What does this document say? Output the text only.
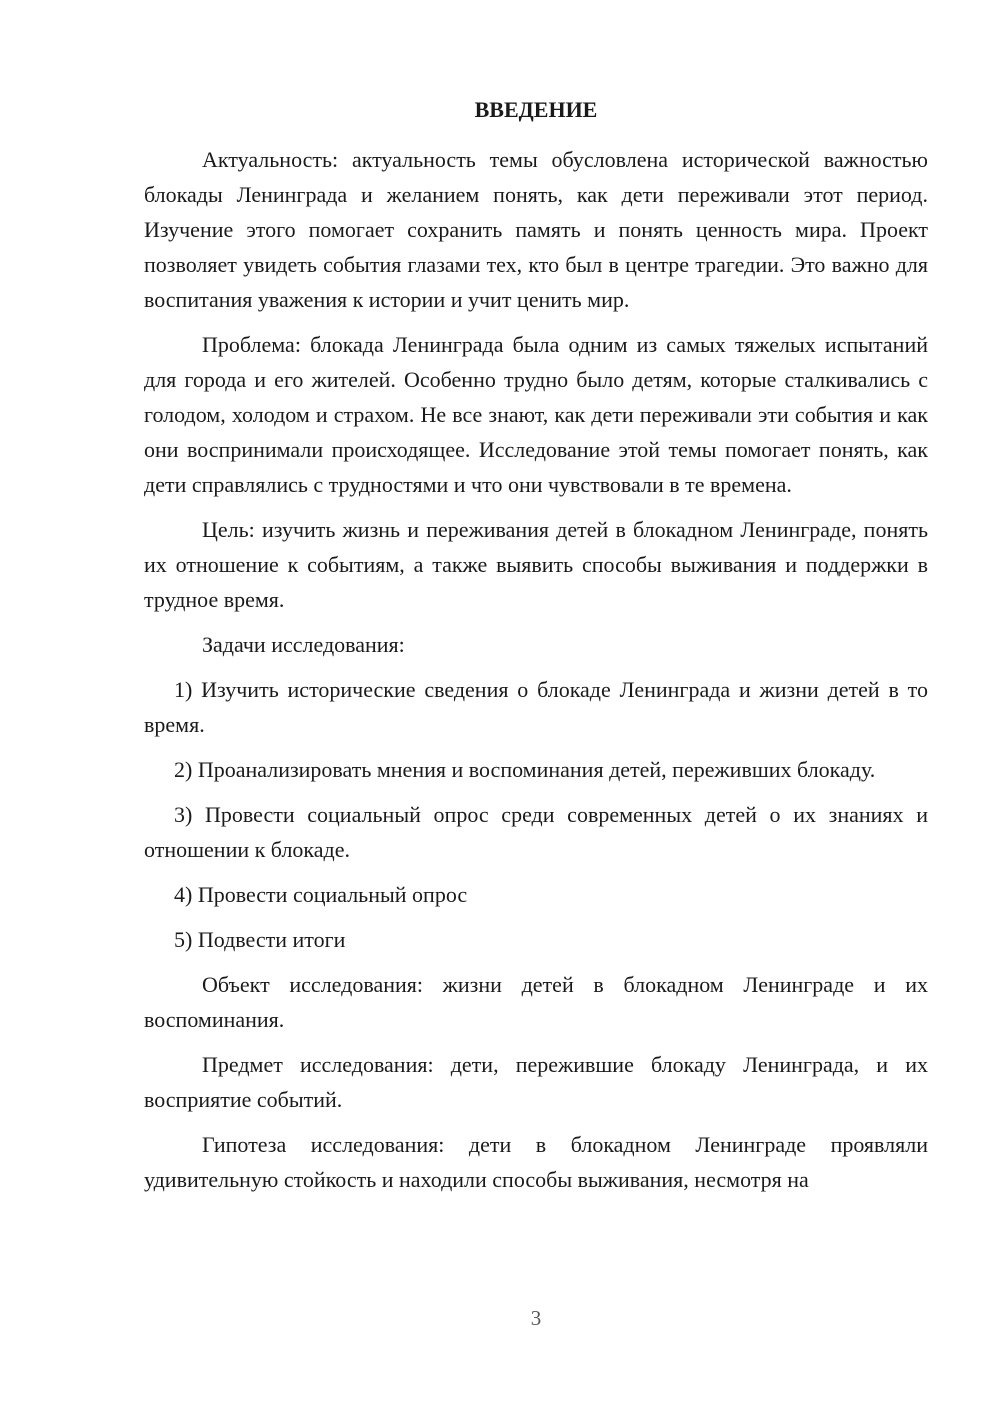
ВВЕДЕНИЕ

Актуальность: актуальность темы обусловлена исторической важностью блокады Ленинграда и желанием понять, как дети переживали этот период. Изучение этого помогает сохранить память и понять ценность мира. Проект позволяет увидеть события глазами тех, кто был в центре трагедии. Это важно для воспитания уважения к истории и учит ценить мир.

Проблема: блокада Ленинграда была одним из самых тяжелых испытаний для города и его жителей. Особенно трудно было детям, которые сталкивались с голодом, холодом и страхом. Не все знают, как дети переживали эти события и как они воспринимали происходящее. Исследование этой темы помогает понять, как дети справлялись с трудностями и что они чувствовали в те времена.

Цель: изучить жизнь и переживания детей в блокадном Ленинграде, понять их отношение к событиям, а также выявить способы выживания и поддержки в трудное время.

Задачи исследования:

1) Изучить исторические сведения о блокаде Ленинграда и жизни детей в то время.

2) Проанализировать мнения и воспоминания детей, переживших блокаду.

3) Провести социальный опрос среди современных детей о их знаниях и отношении к блокаде.

4) Провести социальный опрос

5) Подвести итоги

Объект исследования: жизни детей в блокадном Ленинграде и их воспоминания.

Предмет исследования: дети, пережившие блокаду Ленинграда, и их восприятие событий.

Гипотеза исследования: дети в блокадном Ленинграде проявляли удивительную стойкость и находили способы выживания, несмотря на

3
